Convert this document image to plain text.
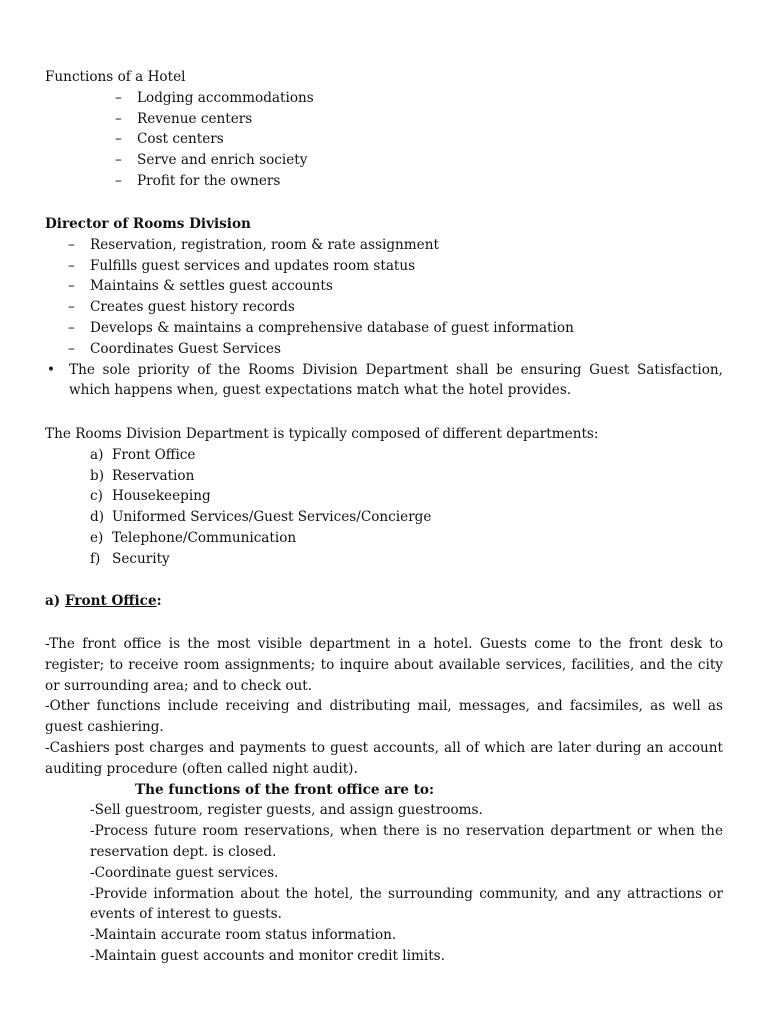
Functions of a Hotel
–	Lodging accommodations
–	Revenue centers
–	Cost centers
–	Serve and enrich society
–	Profit for the owners
Director of Rooms Division
–	Reservation, registration, room & rate assignment
–	Fulfills guest services and updates room status
–	Maintains & settles guest accounts
–	Creates guest history records
–	Develops & maintains a comprehensive database of guest information
–	Coordinates Guest Services
•	The sole priority of the Rooms Division Department shall be ensuring Guest Satisfaction, which happens when, guest expectations match what the hotel provides.
The Rooms Division Department is typically composed of different departments:
a) Front Office
b) Reservation
c) Housekeeping
d) Uniformed Services/Guest Services/Concierge
e) Telephone/Communication
f) Security
a) Front Office:
-The front office is the most visible department in a hotel. Guests come to the front desk to register; to receive room assignments; to inquire about available services, facilities, and the city or surrounding area; and to check out.
-Other functions include receiving and distributing mail, messages, and facsimiles, as well as guest cashiering.
-Cashiers post charges and payments to guest accounts, all of which are later during an account auditing procedure (often called night audit).
The functions of the front office are to:
-Sell guestroom, register guests, and assign guestrooms.
-Process future room reservations, when there is no reservation department or when the reservation dept. is closed.
-Coordinate guest services.
-Provide information about the hotel, the surrounding community, and any attractions or events of interest to guests.
-Maintain accurate room status information.
-Maintain guest accounts and monitor credit limits.
